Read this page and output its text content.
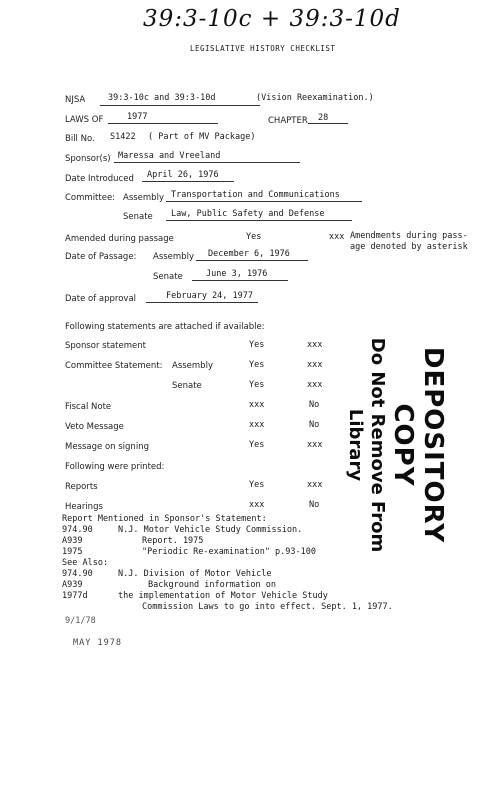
39:3-10c + 39:3-10d
LEGISLATIVE HISTORY CHECKLIST
NJSA	39:3-10c and 39:3-10d	(Vision Reexamination.)
LAWS OF	1977	CHAPTER 28
Bill No. S1422 ( Part of MV Package)
Sponsor(s) Maressa and Vreeland
Date Introduced April 26, 1976
Committee: Assembly Transportation and Communications
Senate Law, Public Safety and Defense
Amended during passage	Yes	xxx Amendments during pass-
age denoted by asterisk
Date of Passage: Assembly December 6, 1976
Senate	June 3, 1976
Date of approval	February 24, 1977
Following statements are attached if available:
Sponsor statement	Yes	xxx
Committee Statement: Assembly	Yes	xxx
Senate	Yes	xxx
Fiscal Note	xxx	No
Veto Message	xxx	No
Message on signing	Yes	xxx
Following were printed:
Reports	Yes	xxx
Hearings	xxx	No
Report Mentioned in Sponsor's Statement:
974.90	N.J. Motor Vehicle Study Commission.
A939	Report. 1975
1975	"Periodic Re-examination" p.93-100
See Also:
974.90	N.J. Division of Motor Vehicle
A939	Background information on
1977d	the implementation of Motor Vehicle Study
Commission Laws to go into effect. Sept. 1, 1977.
9/1/78
MAY 1978
DEPOSITORY COPY
Do Not Remove From Library
